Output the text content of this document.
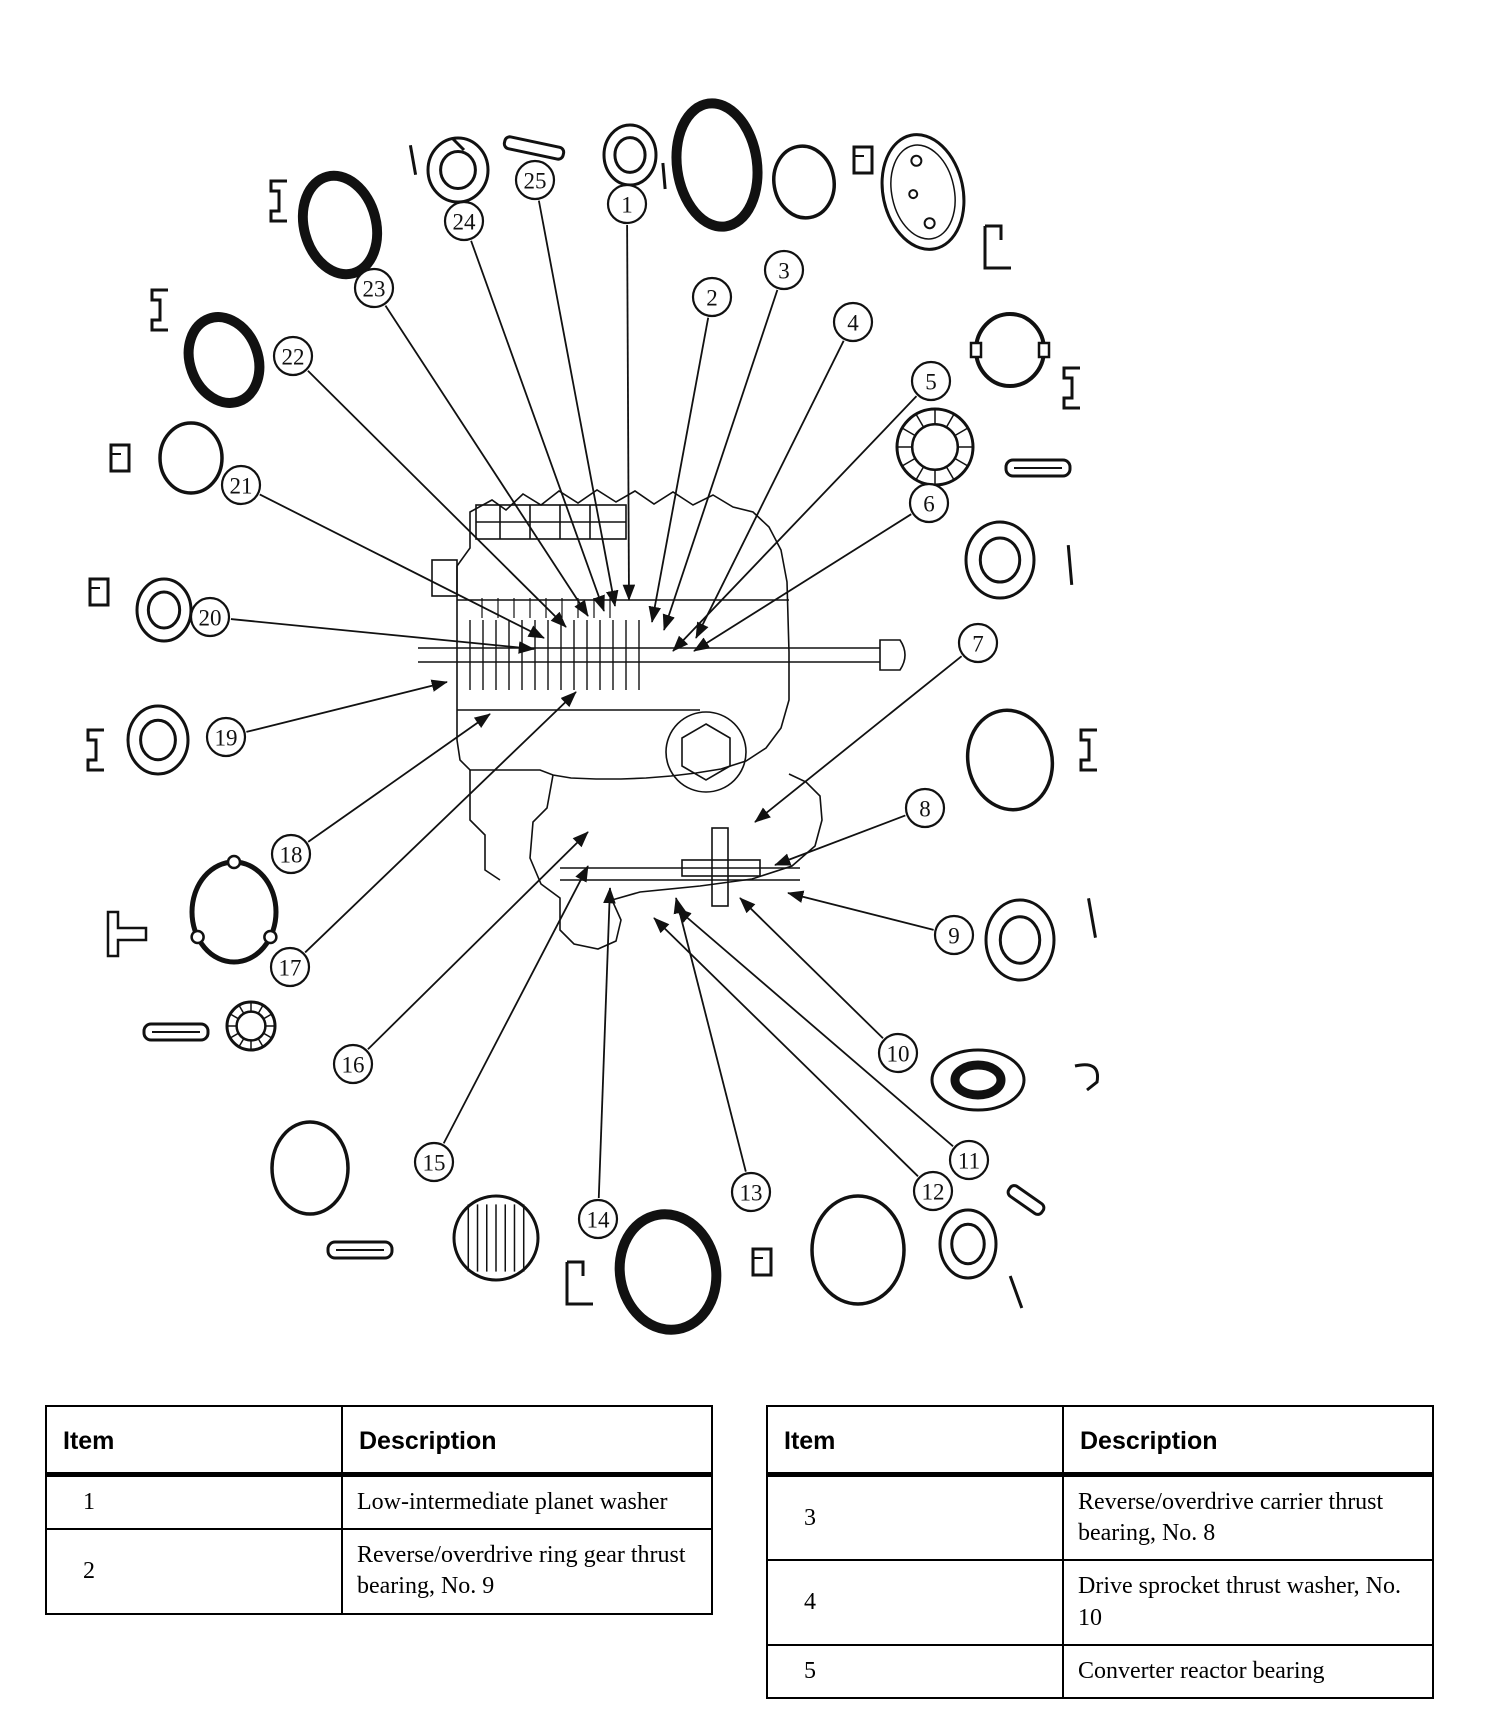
1
2
3
4
5
6
7
8
9
10
11
12
13
14
15
16
17
18
19
20
21
22
23
24
25
Item	Description
1	Low-intermediate planet washer
2	Reverse/overdrive ring gear thrust bearing, No. 9
Item	Description
3	Reverse/overdrive carrier thrust bearing, No. 8
4	Drive sprocket thrust washer, No. 10
5	Converter reactor bearing
